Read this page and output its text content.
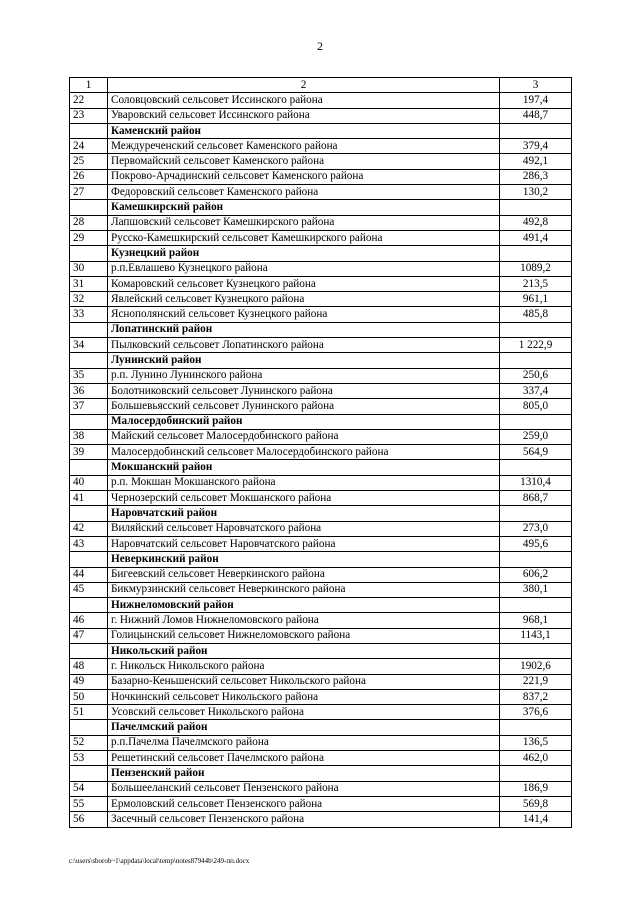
2
1	2	3
22	Соловцовский сельсовет Иссинского района	197,4
23	Уваровский сельсовет Иссинского района	448,7
	Каменский район	
24	Междуреченский сельсовет Каменского района	379,4
25	Первомайский сельсовет Каменского района	492,1
26	Покрово-Арчадинский сельсовет Каменского района	286,3
27	Федоровский сельсовет Каменского района	130,2
	Камешкирский район	
28	Лапшовский сельсовет Камешкирского района	492,8
29	Русско-Камешкирский сельсовет Камешкирского района	491,4
	Кузнецкий район	
30	р.п.Евлашево Кузнецкого района	1089,2
31	Комаровский сельсовет Кузнецкого района	213,5
32	Явлейский сельсовет Кузнецкого района	961,1
33	Яснополянский сельсовет Кузнецкого района	485,8
	Лопатинский район	
34	Пылковский сельсовет Лопатинского района	1 222,9
	Лунинский район	
35	р.п. Лунино Лунинского района	250,6
36	Болотниковский сельсовет Лунинского района	337,4
37	Большевьясский сельсовет Лунинского района	805,0
	Малосердобинский район	
38	Майский сельсовет Малосердобинского района	259,0
39	Малосердобинский сельсовет Малосердобинского района	564,9
	Мокшанский район	
40	р.п. Мокшан Мокшанского района	1310,4
41	Чернозерский сельсовет Мокшанского района	868,7
	Наровчатский район	
42	Виляйский сельсовет Наровчатского района	273,0
43	Наровчатский сельсовет Наровчатского района	495,6
	Неверкинский район	
44	Бигеевский сельсовет Неверкинского района	606,2
45	Бикмурзинский сельсовет Неверкинского района	380,1
	Нижнеломовский район	
46	г. Нижний Ломов Нижнеломовского района	968,1
47	Голицынский сельсовет Нижнеломовского района	1143,1
	Никольский район	
48	г. Никольск Никольского района	1902,6
49	Базарно-Кеньшенский сельсовет Никольского района	221,9
50	Ночкинский сельсовет Никольского района	837,2
51	Усовский сельсовет Никольского района	376,6
	Пачелмский район	
52	р.п.Пачелма Пачелмского района	136,5
53	Решетинский сельсовет Пачелмского района	462,0
	Пензенский район	
54	Большееланский сельсовет Пензенского района	186,9
55	Ермоловский сельсовет Пензенского района	569,8
56	Засечный сельсовет Пензенского района	141,4
c:\users\sborob~1\appdata\local\temp\notes87944b\249-пп.docx
